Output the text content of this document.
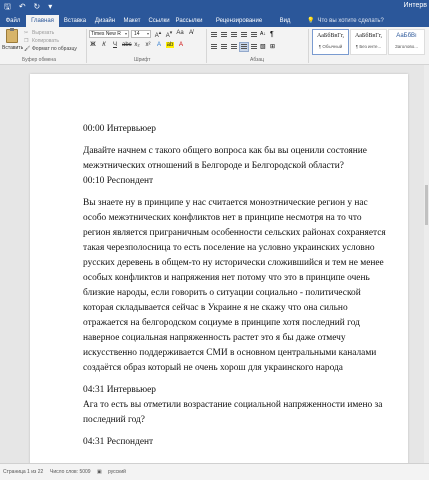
🖫 ↶ ↻ ▾	Интерв
Файл	Главная	Вставка	Дизайн	Макет	Ссылки Рассылки	Рецензирование	Вид	💡 Что вы хотите сделать?
Вставить
✂ Вырезать
❐ Копировать
🖌 Формат по образцу
Буфер обмена
Times New R ▾	14 ▾ A▴ A▾ Aa A̸
Ж	К	Ч abc x₂ x²	A ab A
Шрифт
A↓ ¶
▧ ⊞
Абзац
АаБбВвГг,
¶ Обычный
АаБбВвГг,
¶ Без инте...
АаБбВı
Заголово...

00:00 Интервьюер

Давайте начнем с такого общего вопроса как бы вы оценили состояние межэтнических отношений в Белгороде и Белгородской области?
00:10 Респондент

Вы знаете ну в принципе у нас считается моноэтнические регион у нас особо межэтнических конфликтов нет в принципе несмотря на то что регион является приграничным особенности сельских районах сохраняется такая черезполосница то есть поселение на условно украинских условно русских деревень в общем-то ну исторически сложившийся и тем не менее особых конфликтов и напряжения нет потому что это в принципе очень близкие народы, если говорить о ситуации социально - политической которая складывается сейчас в Украине я не скажу что она сильно отражается на белгородском социуме в принципе хотя последний год наверное социальная напряженность растет это я бы даже отмечу искусственно поддерживается СМИ в основном центральными каналами создаётся образ который не очень хорош для украинского народа

04:31 Интервьюер
Ага то есть вы отметили возрастание социальной напряженности имено за последний год?

04:31 Респондент

Страница 1 из 22 Число слов: 5009 ▣ русский
